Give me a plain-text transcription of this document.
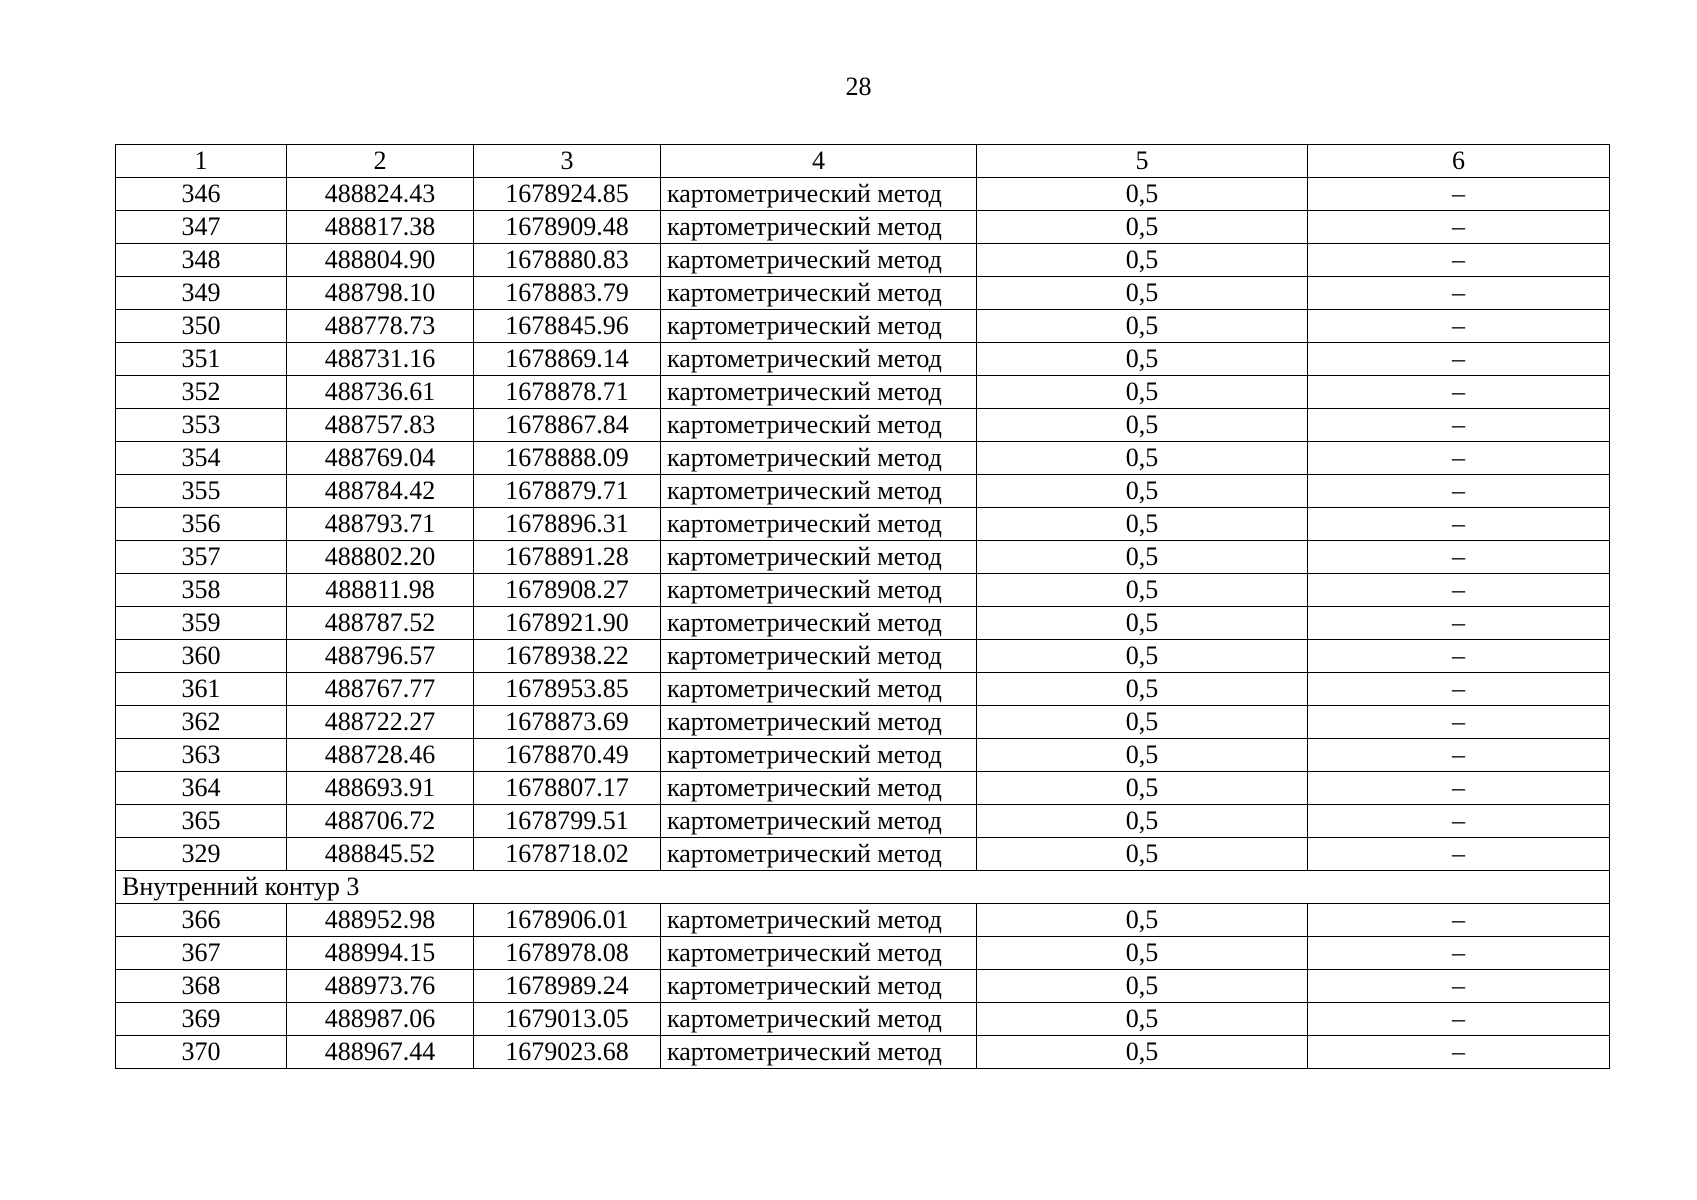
28
1	2	3	4	5	6
346	488824.43	1678924.85	картометрический метод	0,5	–
347	488817.38	1678909.48	картометрический метод	0,5	–
348	488804.90	1678880.83	картометрический метод	0,5	–
349	488798.10	1678883.79	картометрический метод	0,5	–
350	488778.73	1678845.96	картометрический метод	0,5	–
351	488731.16	1678869.14	картометрический метод	0,5	–
352	488736.61	1678878.71	картометрический метод	0,5	–
353	488757.83	1678867.84	картометрический метод	0,5	–
354	488769.04	1678888.09	картометрический метод	0,5	–
355	488784.42	1678879.71	картометрический метод	0,5	–
356	488793.71	1678896.31	картометрический метод	0,5	–
357	488802.20	1678891.28	картометрический метод	0,5	–
358	488811.98	1678908.27	картометрический метод	0,5	–
359	488787.52	1678921.90	картометрический метод	0,5	–
360	488796.57	1678938.22	картометрический метод	0,5	–
361	488767.77	1678953.85	картометрический метод	0,5	–
362	488722.27	1678873.69	картометрический метод	0,5	–
363	488728.46	1678870.49	картометрический метод	0,5	–
364	488693.91	1678807.17	картометрический метод	0,5	–
365	488706.72	1678799.51	картометрический метод	0,5	–
329	488845.52	1678718.02	картометрический метод	0,5	–
Внутренний контур 3					
366	488952.98	1678906.01	картометрический метод	0,5	–
367	488994.15	1678978.08	картометрический метод	0,5	–
368	488973.76	1678989.24	картометрический метод	0,5	–
369	488987.06	1679013.05	картометрический метод	0,5	–
370	488967.44	1679023.68	картометрический метод	0,5	–
